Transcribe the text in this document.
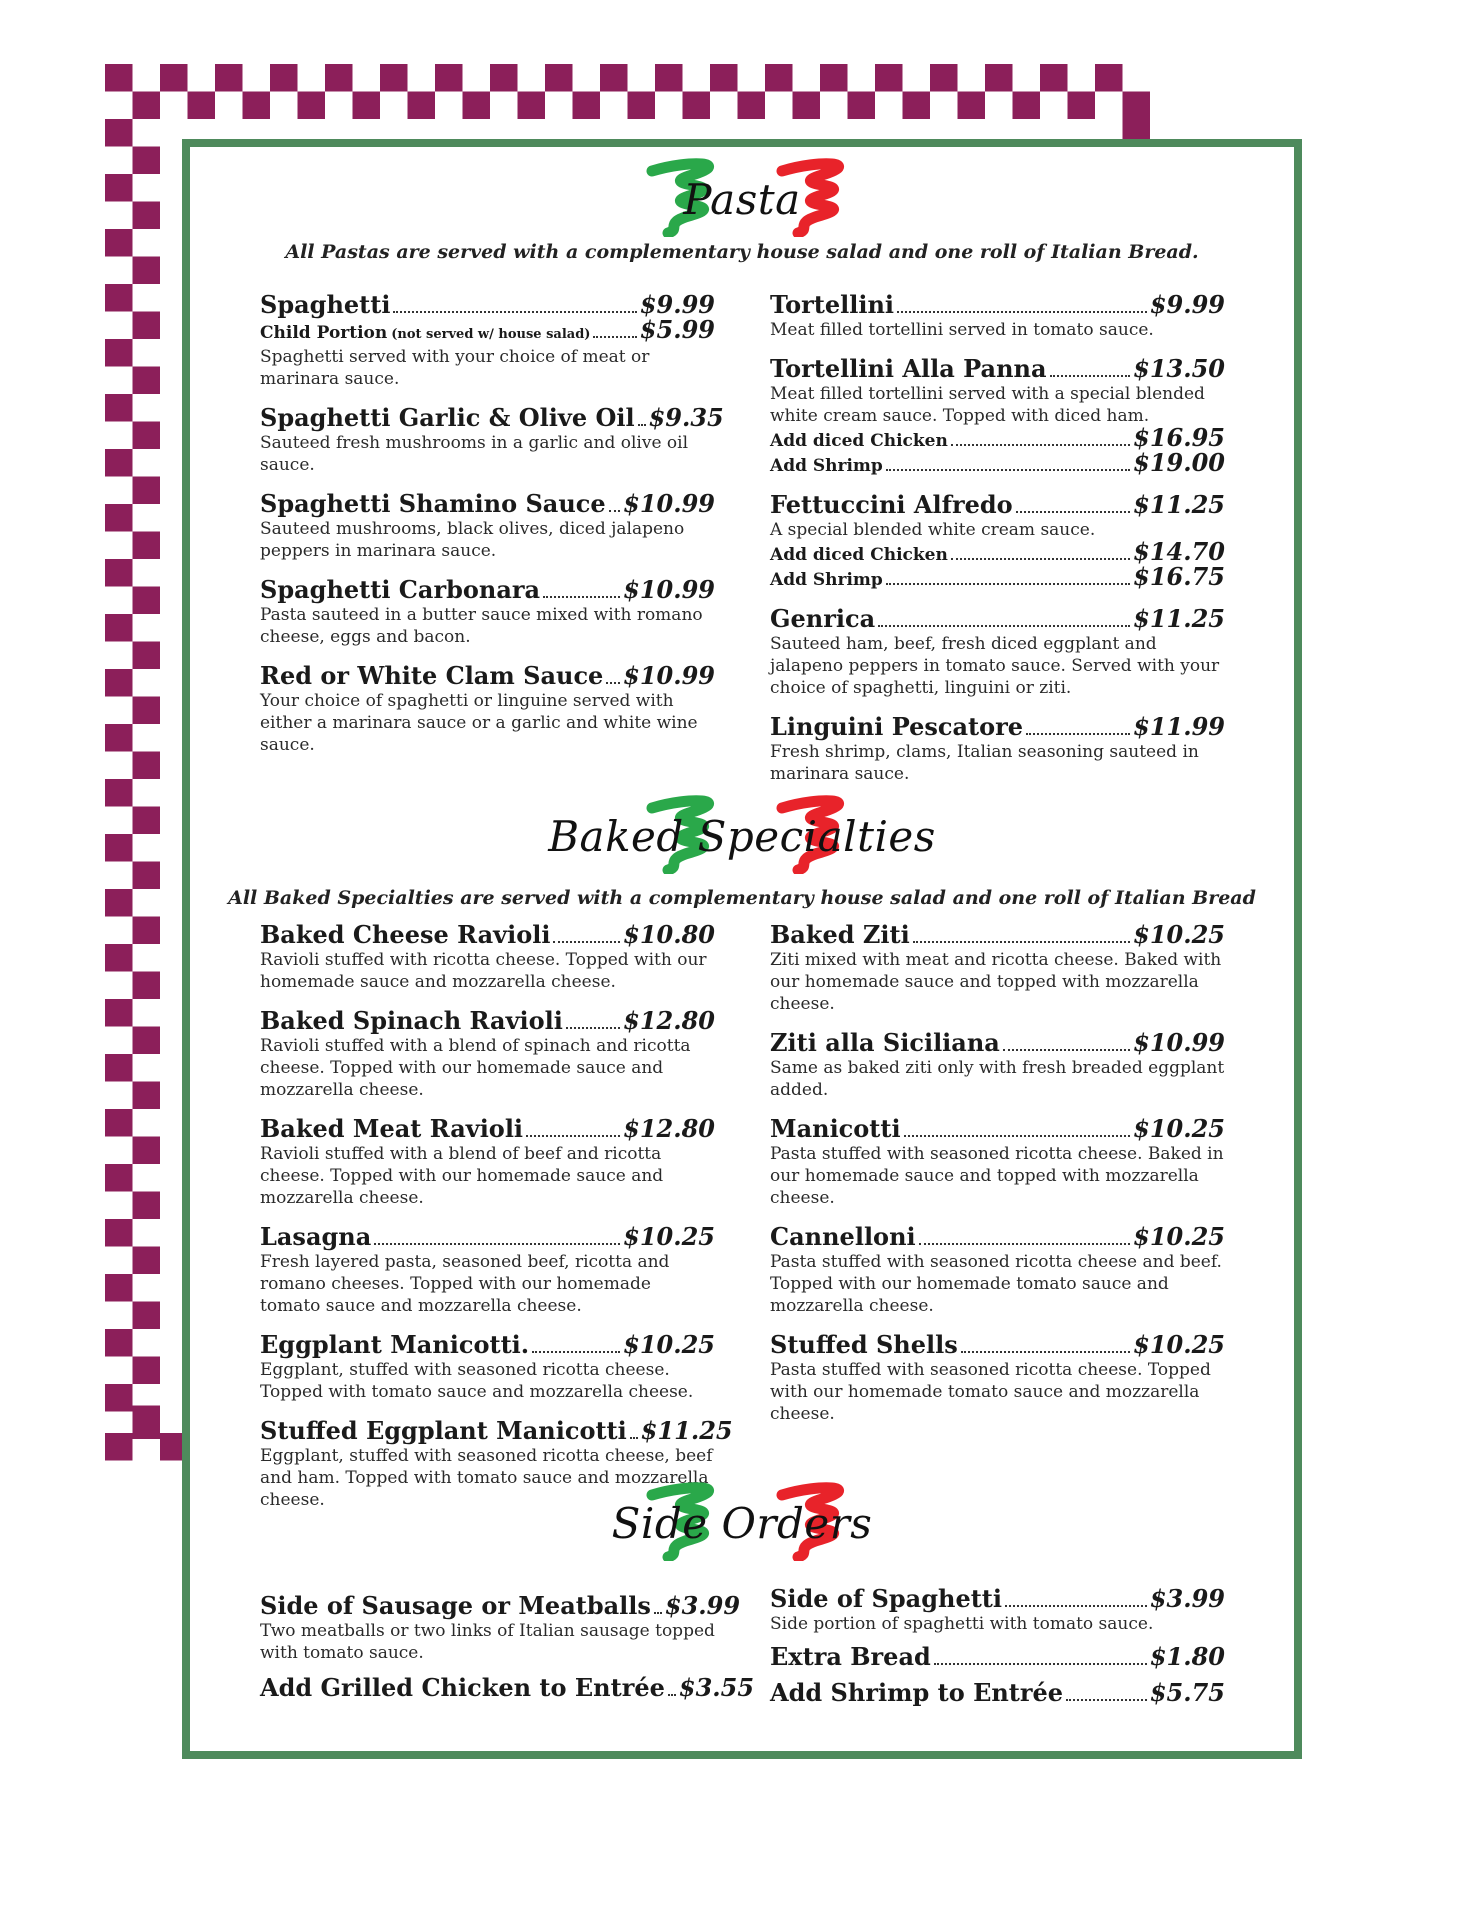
Pasta
All Pastas are served with a complementary house salad and one roll of Italian Bread.
Spaghetti	$9.99
Child Portion (not served w/ house salad) $5.99
Spaghetti served with your choice of meat or marinara sauce.
Spaghetti Garlic & Olive Oil $9.35
Sauteed fresh mushrooms in a garlic and olive oil sauce.
Spaghetti Shamino Sauce $10.99
Sauteed mushrooms, black olives, diced jalapeno peppers in marinara sauce.
Spaghetti Carbonara	$10.99
Pasta sauteed in a butter sauce mixed with romano cheese, eggs and bacon.
Red or White Clam Sauce $10.99
Your choice of spaghetti or linguine served with either a marinara sauce or a garlic and white wine sauce.
Tortellini	$9.99
Meat filled tortellini served in tomato sauce.
Tortellini Alla Panna	$13.50
Meat filled tortellini served with a special blended white cream sauce. Topped with diced ham.
Add diced Chicken	$16.95
Add Shrimp	$19.00
Fettuccini Alfredo	$11.25
A special blended white cream sauce.
Add diced Chicken	$14.70
Add Shrimp	$16.75
Genrica	$11.25
Sauteed ham, beef, fresh diced eggplant and jalapeno peppers in tomato sauce. Served with your choice of spaghetti, linguini or ziti.
Linguini Pescatore	$11.99
Fresh shrimp, clams, Italian seasoning sauteed in marinara sauce.
Baked Specialties
All Baked Specialties are served with a complementary house salad and one roll of Italian Bread
Baked Cheese Ravioli	$10.80
Ravioli stuffed with ricotta cheese. Topped with our homemade sauce and mozzarella cheese.
Baked Spinach Ravioli	$12.80
Ravioli stuffed with a blend of spinach and ricotta cheese. Topped with our homemade sauce and mozzarella cheese.
Baked Meat Ravioli	$12.80
Ravioli stuffed with a blend of beef and ricotta cheese. Topped with our homemade sauce and mozzarella cheese.
Lasagna	$10.25
Fresh layered pasta, seasoned beef, ricotta and romano cheeses. Topped with our homemade tomato sauce and mozzarella cheese.
Eggplant Manicotti.	$10.25
Eggplant, stuffed with seasoned ricotta cheese. Topped with tomato sauce and mozzarella cheese.
Stuffed Eggplant Manicotti $11.25
Eggplant, stuffed with seasoned ricotta cheese, beef and ham. Topped with tomato sauce and mozzarella cheese.
Baked Ziti	$10.25
Ziti mixed with meat and ricotta cheese. Baked with our homemade sauce and topped with mozzarella cheese.
Ziti alla Siciliana	$10.99
Same as baked ziti only with fresh breaded eggplant added.
Manicotti	$10.25
Pasta stuffed with seasoned ricotta cheese. Baked in our homemade sauce and topped with mozzarella cheese.
Cannelloni	$10.25
Pasta stuffed with seasoned ricotta cheese and beef. Topped with our homemade tomato sauce and mozzarella cheese.
Stuffed Shells	$10.25
Pasta stuffed with seasoned ricotta cheese. Topped with our homemade tomato sauce and mozzarella cheese.
Side Orders
Side of Sausage or Meatballs $3.99
Two meatballs or two links of Italian sausage topped with tomato sauce.
Add Grilled Chicken to Entrée $3.55
Side of Spaghetti	$3.99
Side portion of spaghetti with tomato sauce.
Extra Bread	$1.80
Add Shrimp to Entrée	$5.75
